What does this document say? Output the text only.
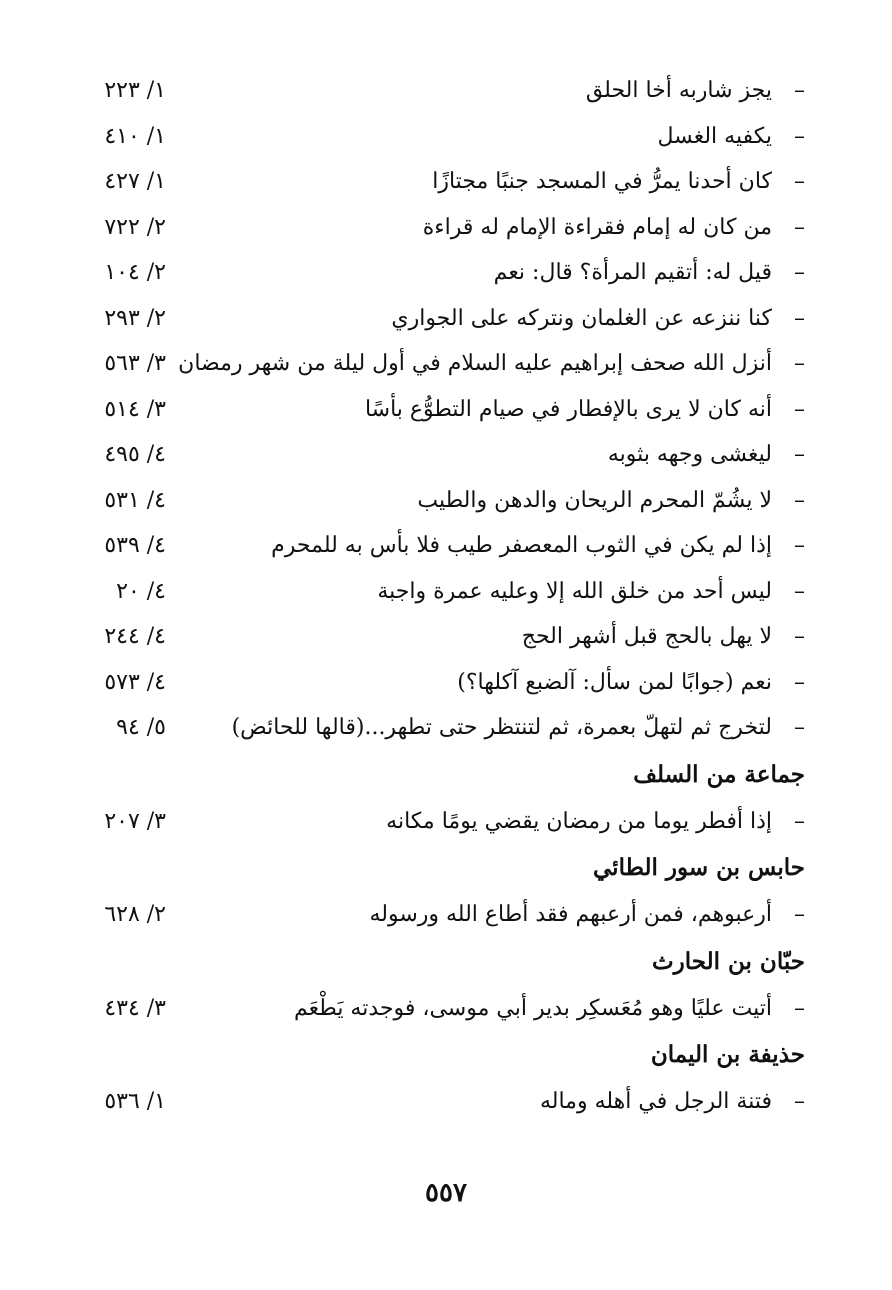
– يجز شاربه أخا الحلق
١/ ٢٢٣
– يكفيه الغسل
١/ ٤١٠
– كان أحدنا يمرُّ في المسجد جنبًا مجتازًا
١/ ٤٢٧
– من كان له إمام فقراءة الإمام له قراءة
٢/ ٧٢٢
– قيل له: أتقيم المرأة؟ قال: نعم
٢/ ١٠٤
– كنا ننزعه عن الغلمان ونتركه على الجواري
٢/ ٢٩٣
– أنزل الله صحف إبراهيم عليه السلام في أول ليلة من شهر رمضان
٣/ ٥٦٣
– أنه كان لا يرى بالإفطار في صيام التطوُّع بأسًا
٣/ ٥١٤
– ليغشى وجهه بثوبه
٤/ ٤٩٥
– لا يشُمّ المحرم الريحان والدهن والطيب
٤/ ٥٣١
– إذا لم يكن في الثوب المعصفر طيب فلا بأس به للمحرم
٤/ ٥٣٩
– ليس أحد من خلق الله إلا وعليه عمرة واجبة
٤/ ٢٠
– لا يهل بالحج قبل أشهر الحج
٤/ ٢٤٤
– نعم (جوابًا لمن سأل: آلضبع آكلها؟)
٤/ ٥٧٣
– لتخرج ثم لتهلّ بعمرة، ثم لتنتظر حتى تطهر...(قالها للحائض)
٥/ ٩٤
جماعة من السلف
– إذا أفطر يوما من رمضان يقضي يومًا مكانه
٣/ ٢٠٧
حابس بن سور الطائي
– أرعبوهم، فمن أرعبهم فقد أطاع الله ورسوله
٢/ ٦٢٨
حبّان بن الحارث
– أتيت عليًا وهو مُعَسكِر بدير أبي موسى، فوجدته يَطْعَم
٣/ ٤٣٤
حذيفة بن اليمان
– فتنة الرجل في أهله وماله
١/ ٥٣٦
٥٥٧
